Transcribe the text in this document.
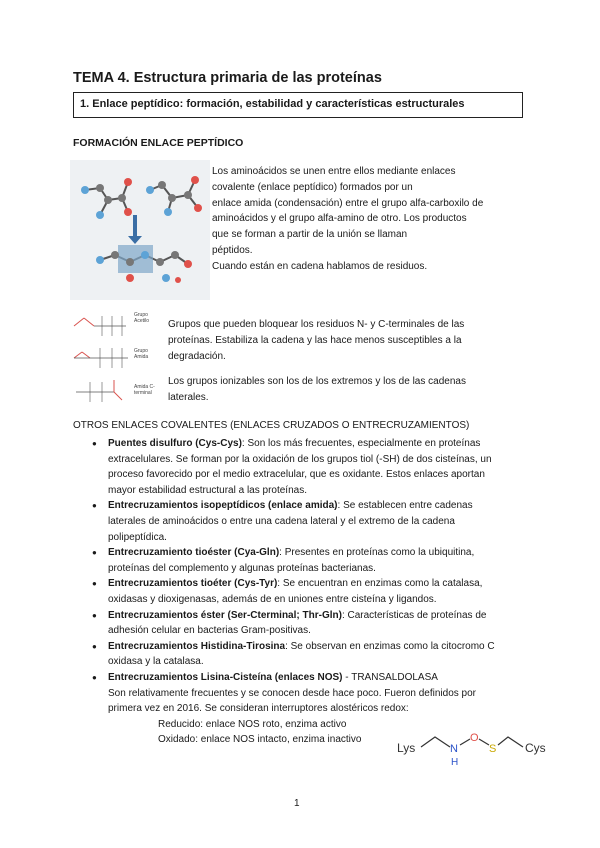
TEMA 4. Estructura primaria de las proteínas
1. Enlace peptídico: formación, estabilidad y características estructurales
FORMACIÓN ENLACE PEPTÍDICO
Los aminoácidos se unen entre ellos mediante enlaces
covalente (enlace peptídico) formados por un
enlace amida (condensación) entre el grupo alfa-carboxilo de
aminoácidos y el grupo alfa-amino de otro. Los productos
que se forman a partir de la unión se llaman
péptidos.
Cuando están en cadena hablamos de residuos.
Grupo Acetilo
Grupo Amida
Amida C-terminal
Grupos que pueden bloquear los residuos N- y C-terminales de las
proteínas. Estabiliza la cadena y las hace menos susceptibles a la
degradación.
Los grupos ionizables son los de los extremos y los de las cadenas
laterales.
OTROS ENLACES COVALENTES (ENLACES CRUZADOS O ENTRECRUZAMIENTOS)
● Puentes disulfuro (Cys-Cys): Son los más frecuentes, especialmente en proteínas
extracelulares. Se forman por la oxidación de los grupos tiol (-SH) de dos cisteínas, un
proceso favorecido por el medio extracelular, que es oxidante. Estos enlaces aportan
mayor estabilidad estructural a las proteínas.
● Entrecruzamientos isopeptídicos (enlace amida): Se establecen entre cadenas
laterales de aminoácidos o entre una cadena lateral y el extremo de la cadena
polipeptídica.
● Entrecruzamiento tioéster (Cya-Gln): Presentes en proteínas como la ubiquitina,
proteínas del complemento y algunas proteínas bacterianas.
● Entrecruzamientos tioéter (Cys-Tyr): Se encuentran en enzimas como la catalasa,
oxidasas y dioxigenasas, además de en uniones entre cisteína y ligandos.
● Entrecruzamientos éster (Ser-Cterminal; Thr-Gln): Características de proteínas de
adhesión celular en bacterias Gram-positivas.
● Entrecruzamientos Histidina-Tirosina: Se observan en enzimas como la citocromo C
oxidasa y la catalasa.
● Entrecruzamientos Lisina-Cisteína (enlaces NOS) - TRANSALDOLASA
Son relativamente frecuentes y se conocen desde hace poco. Fueron definidos por
primera vez en 2016. Se consideran interruptores alostéricos redox:
Reducido: enlace NOS roto, enzima activo
Oxidado: enlace NOS intacto, enzima inactivo
Lys	N
H
O
S Cys
1
